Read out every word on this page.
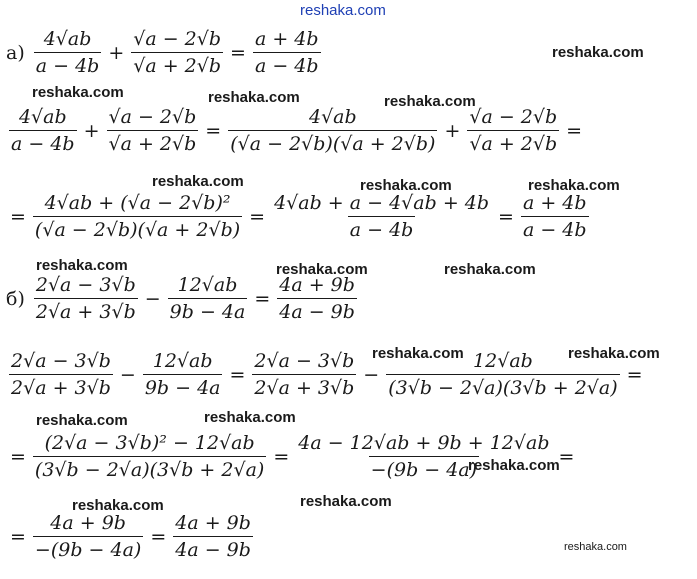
reshaka.com
$а) \frac{4√ab}{a - 4b} + \frac{√a - 2√b}{√a + 2√b} = \frac{a + 4b}{a - 4b}$
$\frac{4√ab}{a - 4b} + \frac{√a - 2√b}{√a + 2√b} = \frac{4√ab}{(√a - 2√b)(√a + 2√b)} + \frac{√a - 2√b}{√a + 2√b}$ =
= $\frac{\text{4√ab + (√a − 2√b)²}}{(√a - 2√b)(√a + 2√b)} = \frac{4√ab + a - 4√ab + 4b}{a - 4b} = \frac{a + 4b}{a - 4b}$
$б) \frac{2√a - 3√b}{2√a + 3√b} - \frac{12√ab}{9b - 4a} = \frac{4a + 9b}{4a - 9b}$
$\frac{2√a - 3√b}{2√a + 3√b} - \frac{12√ab}{9b - 4a} = \frac{2√a - 3√b}{2√a + 3√b} - \frac{12√ab}{(3√b - 2√a)(3√b + 2√a)}$ =
= $\frac{\text{(2√a − 3√b)² − 12√ab}}{(3√b - 2√a)(3√b + 2√a)} = \frac{4a - 12√ab + 9b + 12√ab}{-(9b - 4a)}$ =
= $\frac{4a + 9b}{-(9b - 4a)} = \frac{4a + 9b}{4a - 9b}$
reshaka.com
reshaka.com	reshaka.com	reshaka.com
reshaka.com	reshaka.com	reshaka.com
reshaka.com	reshaka.com	reshaka.com
reshaka.com	reshaka.com
reshaka.com	reshaka.com
reshaka.com
reshaka.com	reshaka.com
reshaka.com
